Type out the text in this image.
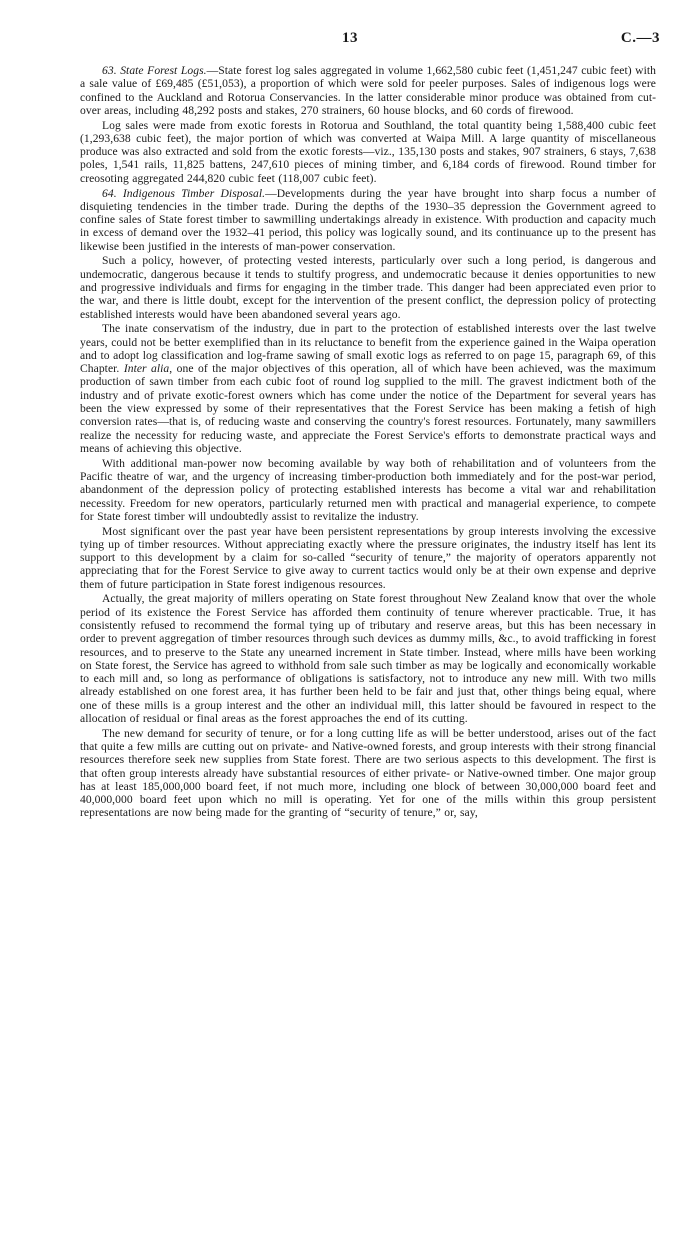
13	C.—3

63. State Forest Logs.—State forest log sales aggregated in volume 1,662,580 cubic feet (1,451,247 cubic feet) with a sale value of £69,485 (£51,053), a proportion of which were sold for peeler purposes. Sales of indigenous logs were confined to the Auckland and Rotorua Conservancies. In the latter considerable minor produce was obtained from cut-over areas, including 48,292 posts and stakes, 270 strainers, 60 house blocks, and 60 cords of firewood.

Log sales were made from exotic forests in Rotorua and Southland, the total quantity being 1,588,400 cubic feet (1,293,638 cubic feet), the major portion of which was converted at Waipa Mill. A large quantity of miscellaneous produce was also extracted and sold from the exotic forests—viz., 135,130 posts and stakes, 907 strainers, 6 stays, 7,638 poles, 1,541 rails, 11,825 battens, 247,610 pieces of mining timber, and 6,184 cords of firewood. Round timber for creosoting aggregated 244,820 cubic feet (118,007 cubic feet).

64. Indigenous Timber Disposal.—Developments during the year have brought into sharp focus a number of disquieting tendencies in the timber trade. During the depths of the 1930–35 depression the Government agreed to confine sales of State forest timber to sawmilling undertakings already in existence. With production and capacity much in excess of demand over the 1932–41 period, this policy was logically sound, and its continuance up to the present has likewise been justified in the interests of man-power conservation.

Such a policy, however, of protecting vested interests, particularly over such a long period, is dangerous and undemocratic, dangerous because it tends to stultify progress, and undemocratic because it denies opportunities to new and progressive individuals and firms for engaging in the timber trade. This danger had been appreciated even prior to the war, and there is little doubt, except for the intervention of the present conflict, the depression policy of protecting established interests would have been abandoned several years ago.

The inate conservatism of the industry, due in part to the protection of established interests over the last twelve years, could not be better exemplified than in its reluctance to benefit from the experience gained in the Waipa operation and to adopt log classification and log-frame sawing of small exotic logs as referred to on page 15, paragraph 69, of this Chapter. Inter alia, one of the major objectives of this operation, all of which have been achieved, was the maximum production of sawn timber from each cubic foot of round log supplied to the mill. The gravest indictment both of the industry and of private exotic-forest owners which has come under the notice of the Department for several years has been the view expressed by some of their representatives that the Forest Service has been making a fetish of high conversion rates—that is, of reducing waste and conserving the country's forest resources. Fortunately, many sawmillers realize the necessity for reducing waste, and appreciate the Forest Service's efforts to demonstrate practical ways and means of achieving this objective.

With additional man-power now becoming available by way both of rehabilitation and of volunteers from the Pacific theatre of war, and the urgency of increasing timber-production both immediately and for the post-war period, abandonment of the depression policy of protecting established interests has become a vital war and rehabilitation necessity. Freedom for new operators, particularly returned men with practical and managerial experience, to compete for State forest timber will undoubtedly assist to revitalize the industry.

Most significant over the past year have been persistent representations by group interests involving the excessive tying up of timber resources. Without appreciating exactly where the pressure originates, the industry itself has lent its support to this development by a claim for so-called “security of tenure,” the majority of operators apparently not appreciating that for the Forest Service to give away to current tactics would only be at their own expense and deprive them of future participation in State forest indigenous resources.

Actually, the great majority of millers operating on State forest throughout New Zealand know that over the whole period of its existence the Forest Service has afforded them continuity of tenure wherever practicable. True, it has consistently refused to recommend the formal tying up of tributary and reserve areas, but this has been necessary in order to prevent aggregation of timber resources through such devices as dummy mills, &c., to avoid trafficking in forest resources, and to preserve to the State any unearned increment in State timber. Instead, where mills have been working on State forest, the Service has agreed to withhold from sale such timber as may be logically and economically workable to each mill and, so long as performance of obligations is satisfactory, not to introduce any new mill. With two mills already established on one forest area, it has further been held to be fair and just that, other things being equal, where one of these mills is a group interest and the other an individual mill, this latter should be favoured in respect to the allocation of residual or final areas as the forest approaches the end of its cutting.

The new demand for security of tenure, or for a long cutting life as will be better understood, arises out of the fact that quite a few mills are cutting out on private- and Native-owned forests, and group interests with their strong financial resources therefore seek new supplies from State forest. There are two serious aspects to this development. The first is that often group interests already have substantial resources of either private- or Native-owned timber. One major group has at least 185,000,000 board feet, if not much more, including one block of between 30,000,000 board feet and 40,000,000 board feet upon which no mill is operating. Yet for one of the mills within this group persistent representations are now being made for the granting of “security of tenure,” or, say,
